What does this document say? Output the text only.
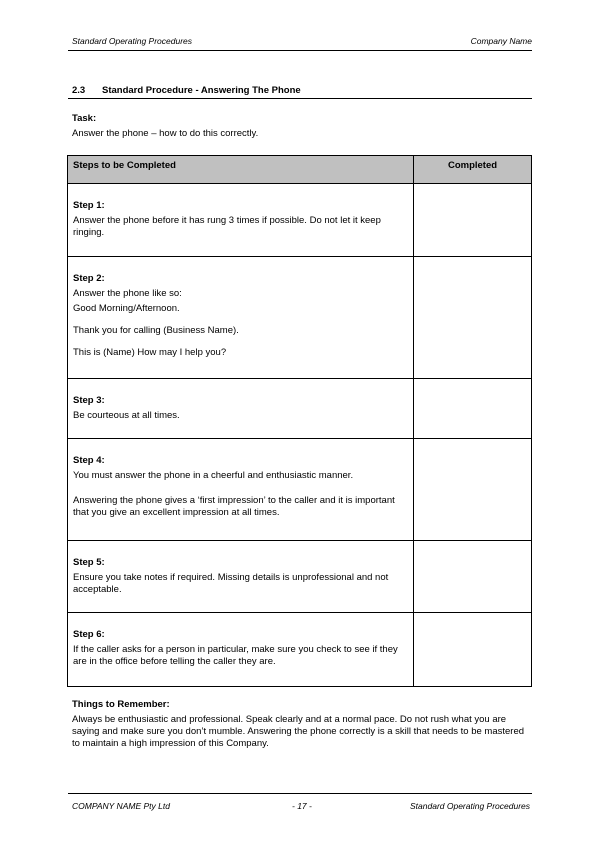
Standard Operating Procedures	Company Name
2.3 Standard Procedure - Answering The Phone
Task:
Answer the phone – how to do this correctly.
Steps to be Completed	Completed

Step 1:

Answer the phone before it has rung 3 times if possible. Do not let it keep ringing.	

Step 2:

Answer the phone like so:

Good Morning/Afternoon.

Thank you for calling (Business Name).

This is (Name) How may I help you?	

Step 3:

Be courteous at all times.	

Step 4:

You must answer the phone in a cheerful and enthusiastic manner.

Answering the phone gives a ‘first impression’ to the caller and it is important that you give an excellent impression at all times.	

Step 5:

Ensure you take notes if required. Missing details is unprofessional and not acceptable.	

Step 6:

If the caller asks for a person in particular, make sure you check to see if they are in the office before telling the caller they are.	

Things to Remember:
Always be enthusiastic and professional. Speak clearly and at a normal pace. Do not rush what you are saying and make sure you don’t mumble. Answering the phone correctly is a skill that needs to be mastered to maintain a high impression of this Company.
COMPANY NAME Pty Ltd	- 17 -	Standard Operating Procedures
